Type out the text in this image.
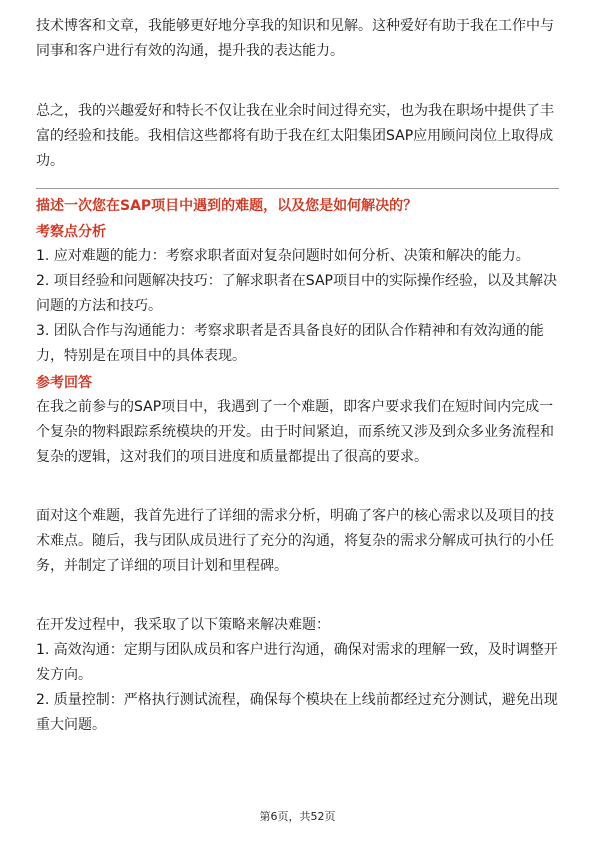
技术博客和文章，我能够更好地分享我的知识和见解。这种爱好有助于我在工作中与同事和客户进行有效的沟通，提升我的表达能力。

总之，我的兴趣爱好和特长不仅让我在业余时间过得充实，也为我在职场中提供了丰富的经验和技能。我相信这些都将有助于我在红太阳集团SAP应用顾问岗位上取得成功。

描述一次您在SAP项目中遇到的难题，以及您是如何解决的？

考察点分析

1. 应对难题的能力：考察求职者面对复杂问题时如何分析、决策和解决的能力。

2. 项目经验和问题解决技巧：了解求职者在SAP项目中的实际操作经验，以及其解决问题的方法和技巧。

3. 团队合作与沟通能力：考察求职者是否具备良好的团队合作精神和有效沟通的能力，特别是在项目中的具体表现。

参考回答

在我之前参与的SAP项目中，我遇到了一个难题，即客户要求我们在短时间内完成一个复杂的物料跟踪系统模块的开发。由于时间紧迫，而系统又涉及到众多业务流程和复杂的逻辑，这对我们的项目进度和质量都提出了很高的要求。

面对这个难题，我首先进行了详细的需求分析，明确了客户的核心需求以及项目的技术难点。随后，我与团队成员进行了充分的沟通，将复杂的需求分解成可执行的小任务，并制定了详细的项目计划和里程碑。

在开发过程中，我采取了以下策略来解决难题：

1. 高效沟通：定期与团队成员和客户进行沟通，确保对需求的理解一致，及时调整开发方向。

2. 质量控制：严格执行测试流程，确保每个模块在上线前都经过充分测试，避免出现重大问题。

第6页，共52页
